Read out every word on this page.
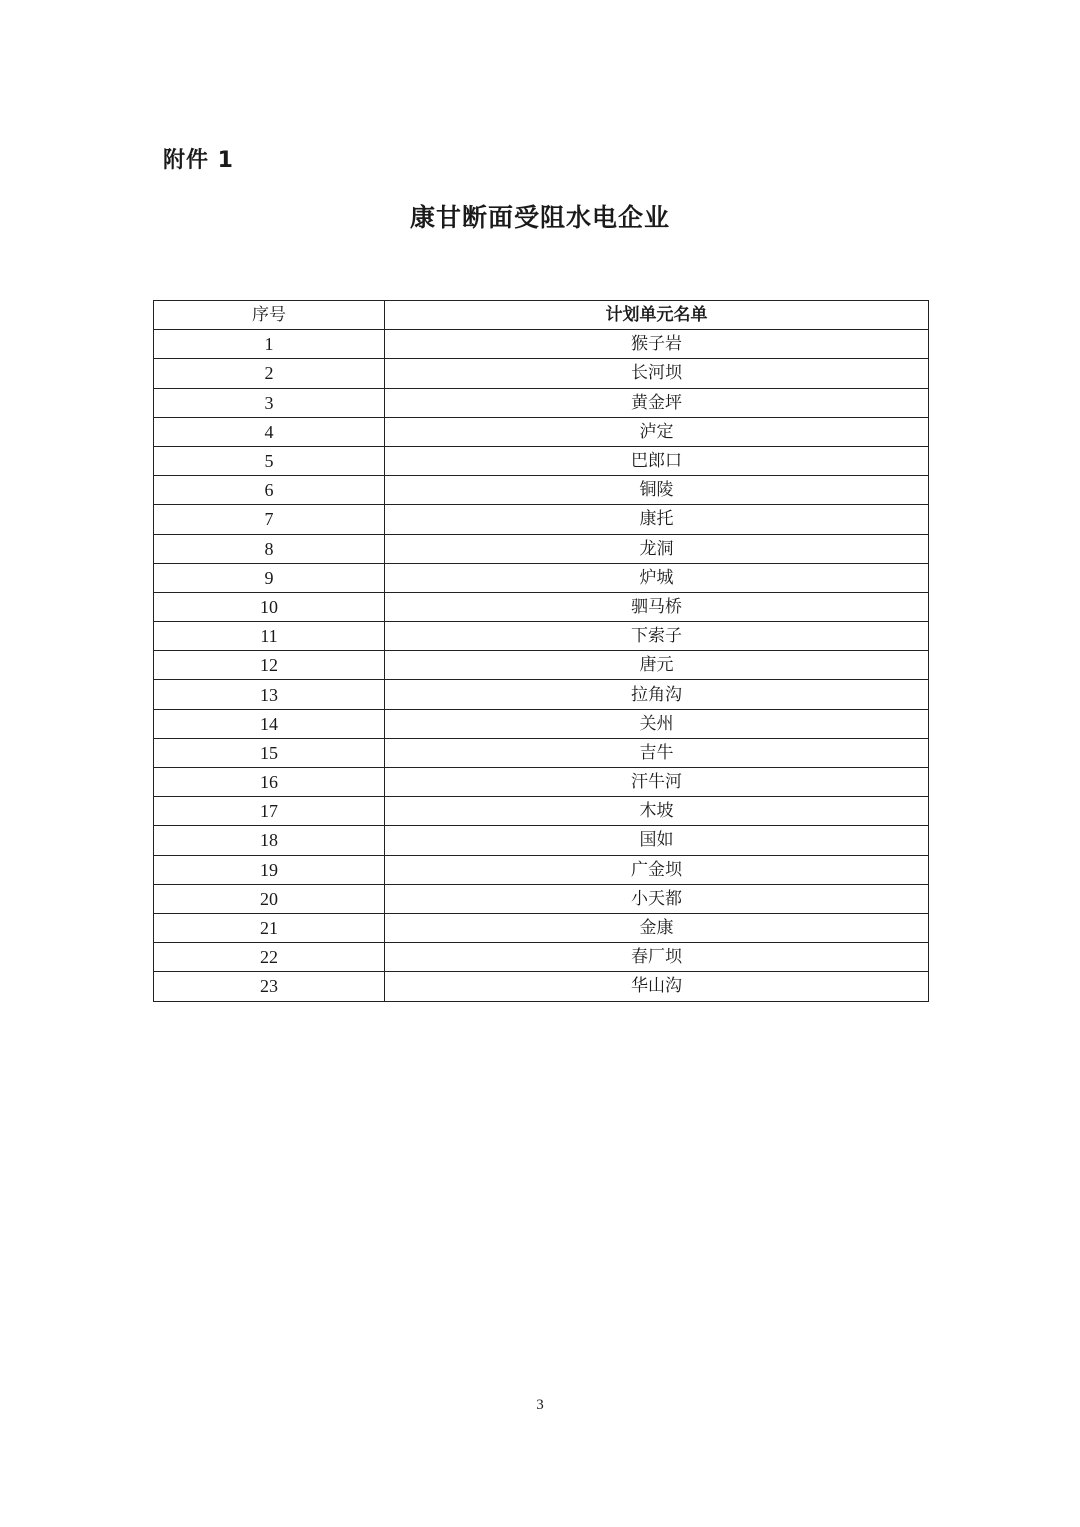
附件 1
康甘断面受阻水电企业
序号	计划单元名单
1	猴子岩
2	长河坝
3	黄金坪
4	泸定
5	巴郎口
6	铜陵
7	康托
8	龙洞
9	炉城
10	驷马桥
11	下索子
12	唐元
13	拉角沟
14	关州
15	吉牛
16	汗牛河
17	木坡
18	国如
19	广金坝
20	小天都
21	金康
22	春厂坝
23	华山沟
3
